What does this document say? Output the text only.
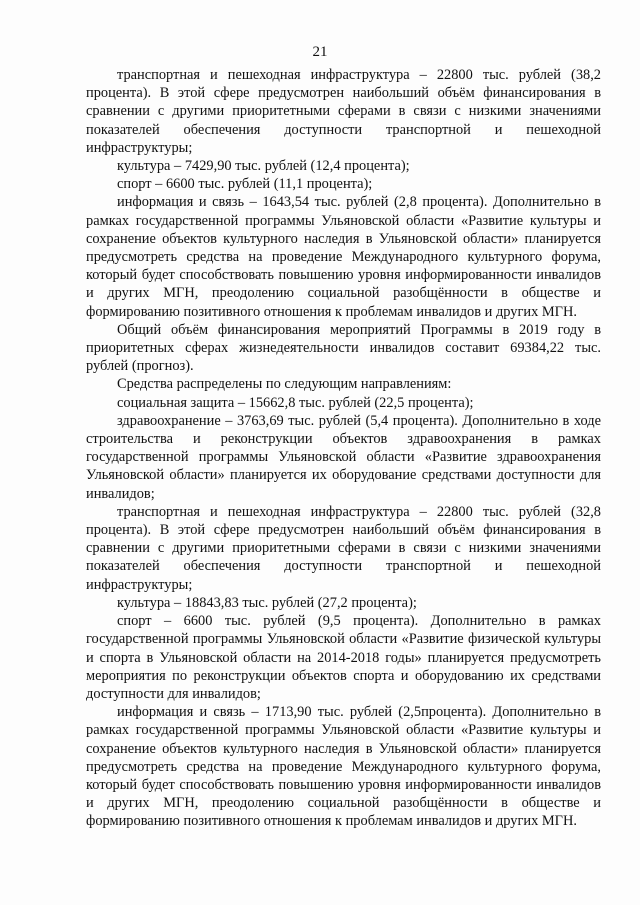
21

транспортная и пешеходная инфраструктура – 22800 тыс. рублей (38,2 процента). В этой сфере предусмотрен наибольший объём финансирования в сравнении с другими приоритетными сферами в связи с низкими значениями показателей обеспечения доступности транспортной и пешеходной инфраструктуры;

культура – 7429,90 тыс. рублей (12,4 процента);

спорт – 6600 тыс. рублей (11,1 процента);

информация и связь – 1643,54 тыс. рублей (2,8 процента). Дополнительно в рамках государственной программы Ульяновской области «Развитие культуры и сохранение объектов культурного наследия в Ульяновской области» планируется предусмотреть средства на проведение Международного культурного форума, который будет способствовать повышению уровня информированности инвалидов и других МГН, преодолению социальной разобщённости в обществе и формированию позитивного отношения к проблемам инвалидов и других МГН.

Общий объём финансирования мероприятий Программы в 2019 году в приоритетных сферах жизнедеятельности инвалидов составит 69384,22 тыс. рублей (прогноз).

Средства распределены по следующим направлениям:

социальная защита – 15662,8 тыс. рублей (22,5 процента);

здравоохранение – 3763,69 тыс. рублей (5,4 процента). Дополнительно в ходе строительства и реконструкции объектов здравоохранения в рамках государственной программы Ульяновской области «Развитие здравоохранения Ульяновской области» планируется их оборудование средствами доступности для инвалидов;

транспортная и пешеходная инфраструктура – 22800 тыс. рублей (32,8 процента). В этой сфере предусмотрен наибольший объём финансирования в сравнении с другими приоритетными сферами в связи с низкими значениями показателей обеспечения доступности транспортной и пешеходной инфраструктуры;

культура – 18843,83 тыс. рублей (27,2 процента);

спорт – 6600 тыс. рублей (9,5 процента). Дополнительно в рамках государственной программы Ульяновской области «Развитие физической культуры и спорта в Ульяновской области на 2014-2018 годы» планируется предусмотреть мероприятия по реконструкции объектов спорта и оборудованию их средствами доступности для инвалидов;

информация и связь – 1713,90 тыс. рублей (2,5процента). Дополнительно в рамках государственной программы Ульяновской области «Развитие культуры и сохранение объектов культурного наследия в Ульяновской области» планируется предусмотреть средства на проведение Международного культурного форума, который будет способствовать повышению уровня информированности инвалидов и других МГН, преодолению социальной разобщённости в обществе и формированию позитивного отношения к проблемам инвалидов и других МГН.
